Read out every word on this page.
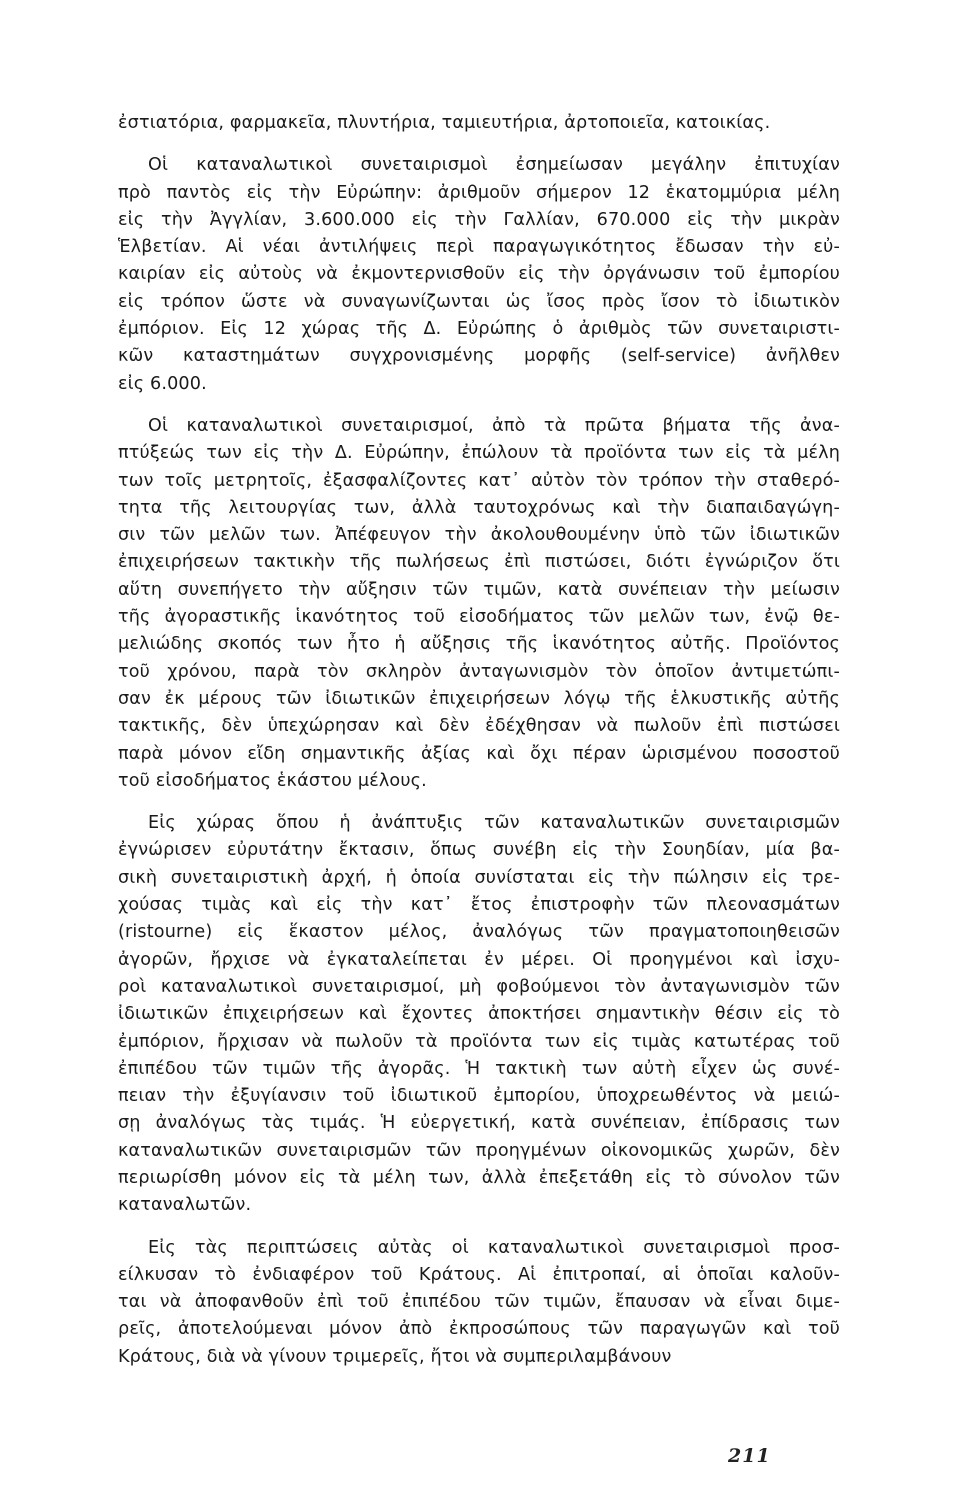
ἐστιατόρια, φαρμακεῖα, πλυντήρια, ταμιευτήρια, ἀρτοποιεῖα, κατοικίας.
Οἱ καταναλωτικοὶ συνεταιρισμοὶ ἐσημείωσαν μεγάλην ἐπιτυχίαν
πρὸ παντὸς εἰς τὴν Εὐρώπην: ἀριθμοῦν σήμερον 12 ἑκατομμύρια μέλη
εἰς τὴν Ἀγγλίαν, 3.600.000 εἰς τὴν Γαλλίαν, 670.000 εἰς τὴν μικρὰν
Ἑλβετίαν. Αἱ νέαι ἀντιλήψεις περὶ παραγωγικότητος ἔδωσαν τὴν εὐ-
καιρίαν εἰς αὐτοὺς νὰ ἐκμοντερνισθοῦν εἰς τὴν ὀργάνωσιν τοῦ ἐμπορίου
εἰς τρόπον ὥστε νὰ συναγωνίζωνται ὡς ἴσος πρὸς ἴσον τὸ ἰδιωτικὸν
ἐμπόριον. Εἰς 12 χώρας τῆς Δ. Εὐρώπης ὁ ἀριθμὸς τῶν συνεταιριστι-
κῶν καταστημάτων συγχρονισμένης μορφῆς (self-service) ἀνῆλθεν
εἰς 6.000.
Οἱ καταναλωτικοὶ συνεταιρισμοί, ἀπὸ τὰ πρῶτα βήματα τῆς ἀνα-
πτύξεώς των εἰς τὴν Δ. Εὐρώπην, ἐπώλουν τὰ προϊόντα των εἰς τὰ μέλη
των τοῖς μετρητοῖς, ἐξασφαλίζοντες κατ᾽ αὐτὸν τὸν τρόπον τὴν σταθερό-
τητα τῆς λειτουργίας των, ἀλλὰ ταυτοχρόνως καὶ τὴν διαπαιδαγώγη-
σιν τῶν μελῶν των. Ἀπέφευγον τὴν ἀκολουθουμένην ὑπὸ τῶν ἰδιωτικῶν
ἐπιχειρήσεων τακτικὴν τῆς πωλήσεως ἐπὶ πιστώσει, διότι ἐγνώριζον ὅτι
αὕτη συνεπήγετο τὴν αὔξησιν τῶν τιμῶν, κατὰ συνέπειαν τὴν μείωσιν
τῆς ἀγοραστικῆς ἱκανότητος τοῦ εἰσοδήματος τῶν μελῶν των, ἐνῷ θε-
μελιώδης σκοπός των ἦτο ἡ αὔξησις τῆς ἱκανότητος αὐτῆς. Προϊόντος
τοῦ χρόνου, παρὰ τὸν σκληρὸν ἀνταγωνισμὸν τὸν ὁποῖον ἀντιμετώπι-
σαν ἐκ μέρους τῶν ἰδιωτικῶν ἐπιχειρήσεων λόγῳ τῆς ἑλκυστικῆς αὐτῆς
τακτικῆς, δὲν ὑπεχώρησαν καὶ δὲν ἐδέχθησαν νὰ πωλοῦν ἐπὶ πιστώσει
παρὰ μόνον εἴδη σημαντικῆς ἀξίας καὶ ὄχι πέραν ὡρισμένου ποσοστοῦ
τοῦ εἰσοδήματος ἑκάστου μέλους.
Εἰς χώρας ὅπου ἡ ἀνάπτυξις τῶν καταναλωτικῶν συνεταιρισμῶν
ἐγνώρισεν εὐρυτάτην ἔκτασιν, ὅπως συνέβη εἰς τὴν Σουηδίαν, μία βα-
σικὴ συνεταιριστικὴ ἀρχή, ἡ ὁποία συνίσταται εἰς τὴν πώλησιν εἰς τρε-
χούσας τιμὰς καὶ εἰς τὴν κατ᾽ ἔτος ἐπιστροφὴν τῶν πλεονασμάτων
(ristourne) εἰς ἕκαστον μέλος, ἀναλόγως τῶν πραγματοποιηθεισῶν
ἀγορῶν, ἤρχισε νὰ ἐγκαταλείπεται ἐν μέρει. Οἱ προηγμένοι καὶ ἰσχυ-
ροὶ καταναλωτικοὶ συνεταιρισμοί, μὴ φοβούμενοι τὸν ἀνταγωνισμὸν τῶν
ἰδιωτικῶν ἐπιχειρήσεων καὶ ἔχοντες ἀποκτήσει σημαντικὴν θέσιν εἰς τὸ
ἐμπόριον, ἤρχισαν νὰ πωλοῦν τὰ προϊόντα των εἰς τιμὰς κατωτέρας τοῦ
ἐπιπέδου τῶν τιμῶν τῆς ἀγορᾶς. Ἡ τακτικὴ των αὐτὴ εἶχεν ὡς συνέ-
πειαν τὴν ἐξυγίανσιν τοῦ ἰδιωτικοῦ ἐμπορίου, ὑποχρεωθέντος νὰ μειώ-
σῃ ἀναλόγως τὰς τιμάς. Ἡ εὐεργετική, κατὰ συνέπειαν, ἐπίδρασις των
καταναλωτικῶν συνεταιρισμῶν τῶν προηγμένων οἰκονομικῶς χωρῶν, δὲν
περιωρίσθη μόνον εἰς τὰ μέλη των, ἀλλὰ ἐπεξετάθη εἰς τὸ σύνολον τῶν
καταναλωτῶν.
Εἰς τὰς περιπτώσεις αὐτὰς οἱ καταναλωτικοὶ συνεταιρισμοὶ προσ-
είλκυσαν τὸ ἐνδιαφέρον τοῦ Κράτους. Αἱ ἐπιτροπαί, αἱ ὁποῖαι καλοῦν-
ται νὰ ἀποφανθοῦν ἐπὶ τοῦ ἐπιπέδου τῶν τιμῶν, ἔπαυσαν νὰ εἶναι διμε-
ρεῖς, ἀποτελούμεναι μόνον ἀπὸ ἐκπροσώπους τῶν παραγωγῶν καὶ τοῦ
Κράτους, διὰ νὰ γίνουν τριμερεῖς, ἤτοι νὰ συμπεριλαμβάνουν
211
